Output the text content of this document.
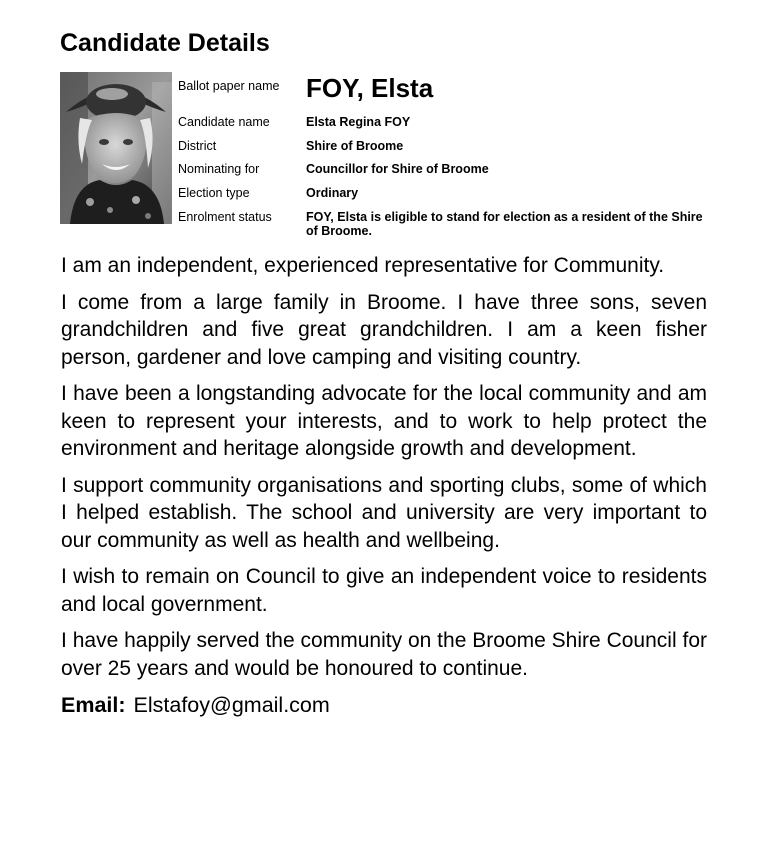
Candidate Details
Ballot paper name	FOY, Elsta
Candidate name	Elsta Regina FOY
District	Shire of Broome
Nominating for	Councillor for Shire of Broome
Election type	Ordinary
Enrolment status	FOY, Elsta is eligible to stand for election as a resident of the Shire of Broome.

I am an independent, experienced representative for Community.

I come from a large family in Broome. I have three sons, seven grandchildren and five great grandchildren. I am a keen fisher person, gardener and love camping and visiting country.

I have been a longstanding advocate for the local community and am keen to represent your interests, and to work to help protect the environment and heritage alongside growth and development.

I support community organisations and sporting clubs, some of which I helped establish. The school and university are very important to our community as well as health and wellbeing.

I wish to remain on Council to give an independent voice to residents and local government.

I have happily served the community on the Broome Shire Council for over 25 years and would be honoured to continue.

Email: Elstafoy@gmail.com
